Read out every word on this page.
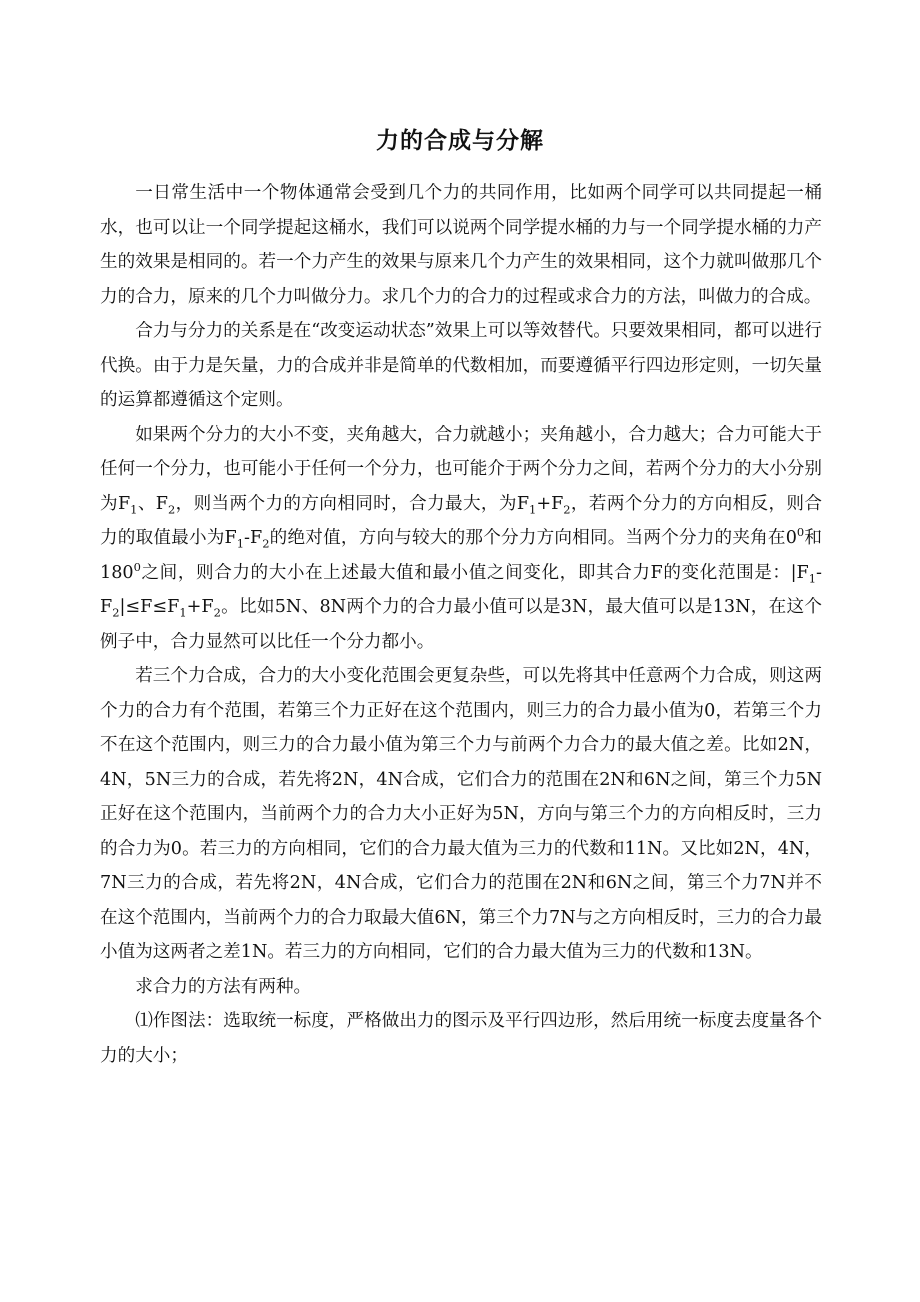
力的合成与分解

一日常生活中一个物体通常会受到几个力的共同作用，比如两个同学可以共同提起一桶水，也可以让一个同学提起这桶水，我们可以说两个同学提水桶的力与一个同学提水桶的力产生的效果是相同的。若一个力产生的效果与原来几个力产生的效果相同，这个力就叫做那几个力的合力，原来的几个力叫做分力。求几个力的合力的过程或求合力的方法，叫做力的合成。

合力与分力的关系是在“改变运动状态”效果上可以等效替代。只要效果相同，都可以进行代换。由于力是矢量，力的合成并非是简单的代数相加，而要遵循平行四边形定则，一切矢量的运算都遵循这个定则。

如果两个分力的大小不变，夹角越大，合力就越小；夹角越小，合力越大；合力可能大于任何一个分力，也可能小于任何一个分力，也可能介于两个分力之间，若两个分力的大小分别为$F_1$、$F_2$，则当两个力的方向相同时，合力最大，为$F_1+F_2$，若两个分力的方向相反，则合力的取值最小为$F_1-F_2$的绝对值，方向与较大的那个分力方向相同。当两个分力的夹角在$0^0$和$180^0$之间，则合力的大小在上述最大值和最小值之间变化，即其合力F的变化范围是：$|F_1-F_2|\le F\le F_1+F_2$。比如5N、8N两个力的合力最小值可以是3N，最大值可以是13N，在这个例子中，合力显然可以比任一个分力都小。

若三个力合成，合力的大小变化范围会更复杂些，可以先将其中任意两个力合成，则这两个力的合力有个范围，若第三个力正好在这个范围内，则三力的合力最小值为0，若第三个力不在这个范围内，则三力的合力最小值为第三个力与前两个力合力的最大值之差。比如2N，4N，5N三力的合成，若先将2N，4N合成，它们合力的范围在2N和6N之间，第三个力5N正好在这个范围内，当前两个力的合力大小正好为5N，方向与第三个力的方向相反时，三力的合力为0。若三力的方向相同，它们的合力最大值为三力的代数和11N。又比如2N，4N，7N三力的合成，若先将2N，4N合成，它们合力的范围在2N和6N之间，第三个力7N并不在这个范围内，当前两个力的合力取最大值6N，第三个力7N与之方向相反时，三力的合力最小值为这两者之差1N。若三力的方向相同，它们的合力最大值为三力的代数和13N。

求合力的方法有两种。

⑴作图法：选取统一标度，严格做出力的图示及平行四边形，然后用统一标度去度量各个力的大小；
